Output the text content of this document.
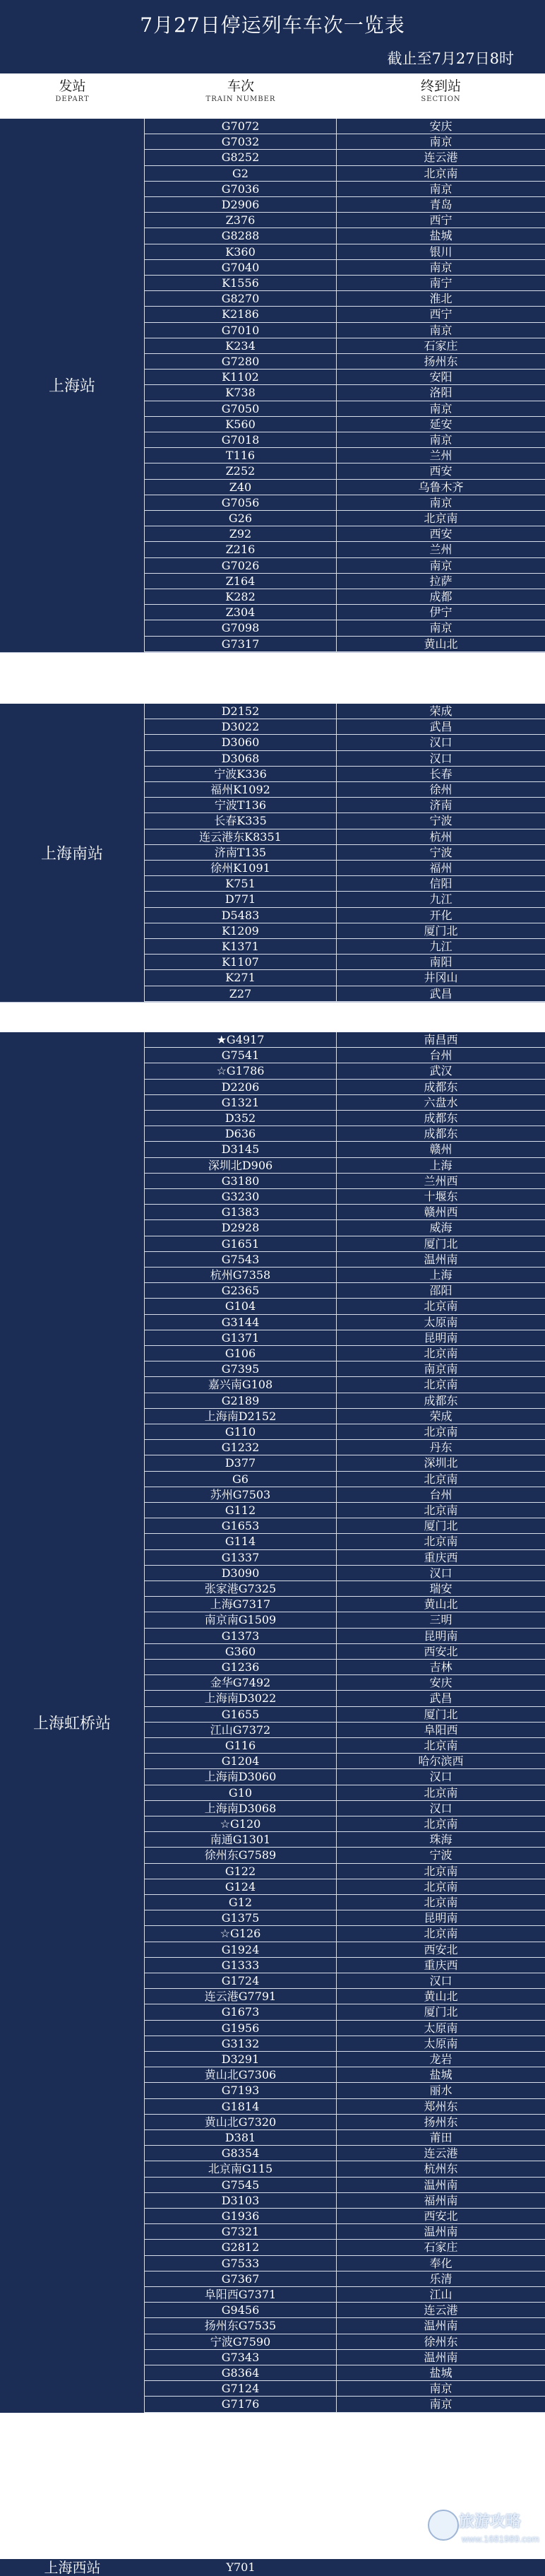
7月27日停运列车车次一览表
截止至7月27日8时
发站
DEPART
车次
TRAIN NUMBER
终到站
SECTION
上海站
G7072	安庆
G7032	南京
G8252	连云港
G2	北京南
G7036	南京
D2906	青岛
Z376	西宁
G8288	盐城
K360	银川
G7040	南京
K1556	南宁
G8270	淮北
K2186	西宁
G7010	南京
K234	石家庄
G7280	扬州东
K1102	安阳
K738	洛阳
G7050	南京
K560	延安
G7018	南京
T116	兰州
Z252	西安
Z40	乌鲁木齐
G7056	南京
G26	北京南
Z92	西安
Z216	兰州
G7026	南京
Z164	拉萨
K282	成都
Z304	伊宁
G7098	南京
G7317	黄山北
上海南站
D2152	荣成
D3022	武昌
D3060	汉口
D3068	汉口
宁波K336	长春
福州K1092	徐州
宁波T136	济南
长春K335	宁波
连云港东K8351	杭州
济南T135	宁波
徐州K1091	福州
K751	信阳
D771	九江
D5483	开化
K1209	厦门北
K1371	九江
K1107	南阳
K271	井冈山
Z27	武昌
上海虹桥站
★G4917	南昌西
G7541	台州
☆G1786	武汉
D2206	成都东
G1321	六盘水
D352	成都东
D636	成都东
D3145	赣州
深圳北D906	上海
G3180	兰州西
G3230	十堰东
G1383	赣州西
D2928	威海
G1651	厦门北
G7543	温州南
杭州G7358	上海
G2365	邵阳
G104	北京南
G3144	太原南
G1371	昆明南
G106	北京南
G7395	南京南
嘉兴南G108	北京南
G2189	成都东
上海南D2152	荣成
G110	北京南
G1232	丹东
D377	深圳北
G6	北京南
苏州G7503	台州
G112	北京南
G1653	厦门北
G114	北京南
G1337	重庆西
D3090	汉口
张家港G7325	瑞安
上海G7317	黄山北
南京南G1509	三明
G1373	昆明南
G360	西安北
G1236	吉林
金华G7492	安庆
上海南D3022	武昌
G1655	厦门北
江山G7372	阜阳西
G116	北京南
G1204	哈尔滨西
上海南D3060	汉口
G10	北京南
上海南D3068	汉口
☆G120	北京南
南通G1301	珠海
徐州东G7589	宁波
G122	北京南
G124	北京南
G12	北京南
G1375	昆明南
☆G126	北京南
G1924	西安北
G1333	重庆西
G1724	汉口
连云港G7791	黄山北
G1673	厦门北
G1956	太原南
G3132	太原南
D3291	龙岩
黄山北G7306	盐城
G7193	丽水
G1814	郑州东
黄山北G7320	扬州东
D381	莆田
G8354	连云港
北京南G115	杭州东
G7545	温州南
D3103	福州南
G1936	西安北
G7321	温州南
G2812	石家庄
G7533	奉化
G7367	乐清
阜阳西G7371	江山
G9456	连云港
扬州东G7535	温州南
宁波G7590	徐州东
G7343	温州南
G8364	盐城
G7124	南京
G7176	南京
上海西站	Y701
旅游攻略
www.1681989.com
